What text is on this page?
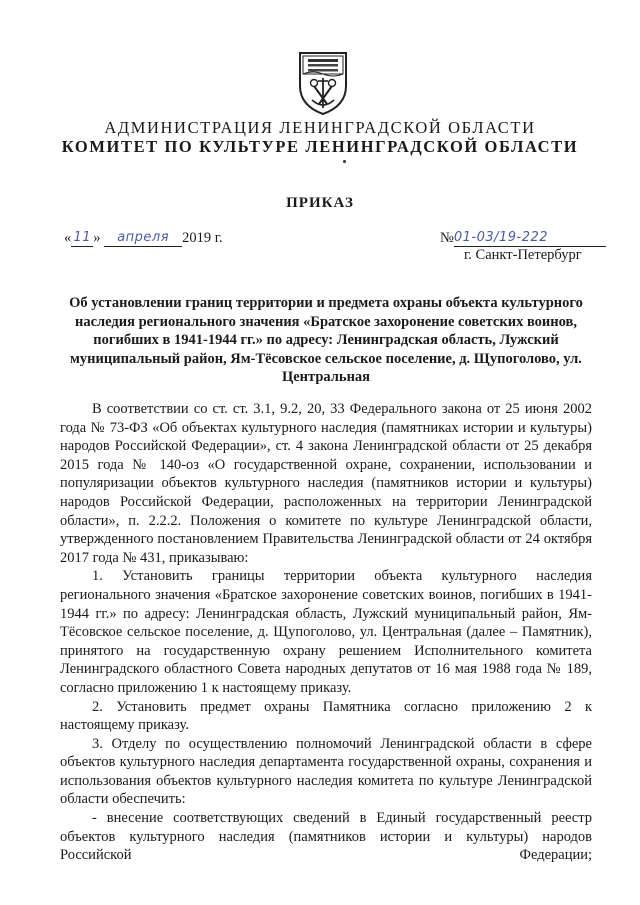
АДМИНИСТРАЦИЯ ЛЕНИНГРАДСКОЙ ОБЛАСТИ
КОМИТЕТ ПО КУЛЬТУРЕ ЛЕНИНГРАДСКОЙ ОБЛАСТИ
ПРИКАЗ
« 11 » апреля 2019 г.	№01-03/19-222
г. Санкт-Петербург
Об установлении границ территории и предмета охраны объекта культурного наследия регионального значения «Братское захоронение советских воинов, погибших в 1941-1944 гг.» по адресу: Ленинградская область, Лужский муниципальный район, Ям-Тёсовское сельское поселение, д. Щупоголово, ул. Центральная

В соответствии со ст. ст. 3.1, 9.2, 20, 33 Федерального закона от 25 июня 2002 года № 73-ФЗ «Об объектах культурного наследия (памятниках истории и культуры) народов Российской Федерации», ст. 4 закона Ленинградской области от 25 декабря 2015 года № 140-оз «О государственной охране, сохранении, использовании и популяризации объектов культурного наследия (памятников истории и культуры) народов Российской Федерации, расположенных на территории Ленинградской области», п. 2.2.2. Положения о комитете по культуре Ленинградской области, утвержденного постановлением Правительства Ленинградской области от 24 октября 2017 года № 431, приказываю:

1. Установить границы территории объекта культурного наследия регионального значения «Братское захоронение советских воинов, погибших в 1941-1944 гг.» по адресу: Ленинградская область, Лужский муниципальный район, Ям-Тёсовское сельское поселение, д. Щупоголово, ул. Центральная (далее – Памятник), принятого на государственную охрану решением Исполнительного комитета Ленинградского областного Совета народных депутатов от 16 мая 1988 года № 189, согласно приложению 1 к настоящему приказу.

2. Установить предмет охраны Памятника согласно приложению 2 к настоящему приказу.

3. Отделу по осуществлению полномочий Ленинградской области в сфере объектов культурного наследия департамента государственной охраны, сохранения и использования объектов культурного наследия комитета по культуре Ленинградской области обеспечить:

- внесение соответствующих сведений в Единый государственный реестр объектов культурного наследия (памятников истории и культуры) народов Российской Федерации;
